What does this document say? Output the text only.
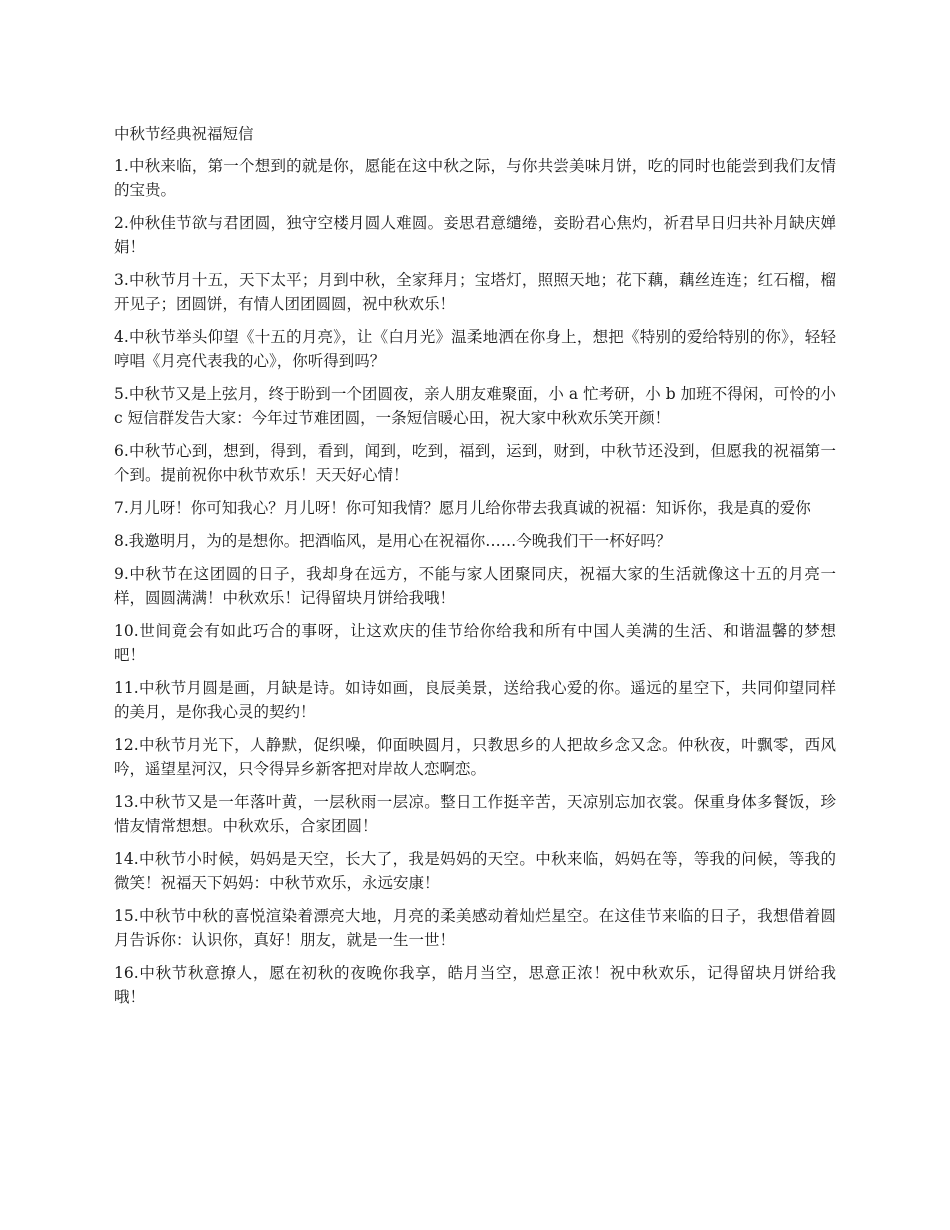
中秋节经典祝福短信
1.中秋来临，第一个想到的就是你，愿能在这中秋之际，与你共尝美味月饼，吃的同时也能尝到我们友情的宝贵。
2.仲秋佳节欲与君团圆，独守空楼月圆人难圆。妾思君意缱绻，妾盼君心焦灼，祈君早日归共补月缺庆婵娟！
3.中秋节月十五，天下太平；月到中秋，全家拜月；宝塔灯，照照天地；花下藕，藕丝连连；红石榴，榴开见子；团圆饼，有情人团团圆圆，祝中秋欢乐！
4.中秋节举头仰望《十五的月亮》，让《白月光》温柔地洒在你身上，想把《特别的爱给特别的你》，轻轻哼唱《月亮代表我的心》，你听得到吗？
5.中秋节又是上弦月，终于盼到一个团圆夜，亲人朋友难聚面，小 a 忙考研，小 b 加班不得闲，可怜的小 c 短信群发告大家：今年过节难团圆，一条短信暖心田，祝大家中秋欢乐笑开颜！
6.中秋节心到，想到，得到，看到，闻到，吃到，福到，运到，财到，中秋节还没到，但愿我的祝福第一个到。提前祝你中秋节欢乐！天天好心情！
7.月儿呀！你可知我心？月儿呀！你可知我情？愿月儿给你带去我真诚的祝福：知诉你，我是真的爱你
8.我邀明月，为的是想你。把酒临风，是用心在祝福你……今晚我们干一杯好吗？
9.中秋节在这团圆的日子，我却身在远方，不能与家人团聚同庆，祝福大家的生活就像这十五的月亮一样，圆圆满满！中秋欢乐！记得留块月饼给我哦！
10.世间竟会有如此巧合的事呀，让这欢庆的佳节给你给我和所有中国人美满的生活、和谐温馨的梦想吧！
11.中秋节月圆是画，月缺是诗。如诗如画，良辰美景，送给我心爱的你。遥远的星空下，共同仰望同样的美月，是你我心灵的契约！
12.中秋节月光下，人静默，促织噪，仰面映圆月，只教思乡的人把故乡念又念。仲秋夜，叶飘零，西风吟，遥望星河汉，只令得异乡新客把对岸故人恋啊恋。
13.中秋节又是一年落叶黄，一层秋雨一层凉。整日工作挺辛苦，天凉别忘加衣裳。保重身体多餐饭，珍惜友情常想想。中秋欢乐，合家团圆！
14.中秋节小时候，妈妈是天空，长大了，我是妈妈的天空。中秋来临，妈妈在等，等我的问候，等我的微笑！祝福天下妈妈：中秋节欢乐，永远安康！
15.中秋节中秋的喜悦渲染着漂亮大地，月亮的柔美感动着灿烂星空。在这佳节来临的日子，我想借着圆月告诉你：认识你，真好！朋友，就是一生一世！
16.中秋节秋意撩人，愿在初秋的夜晚你我享，皓月当空，思意正浓！祝中秋欢乐，记得留块月饼给我哦！
